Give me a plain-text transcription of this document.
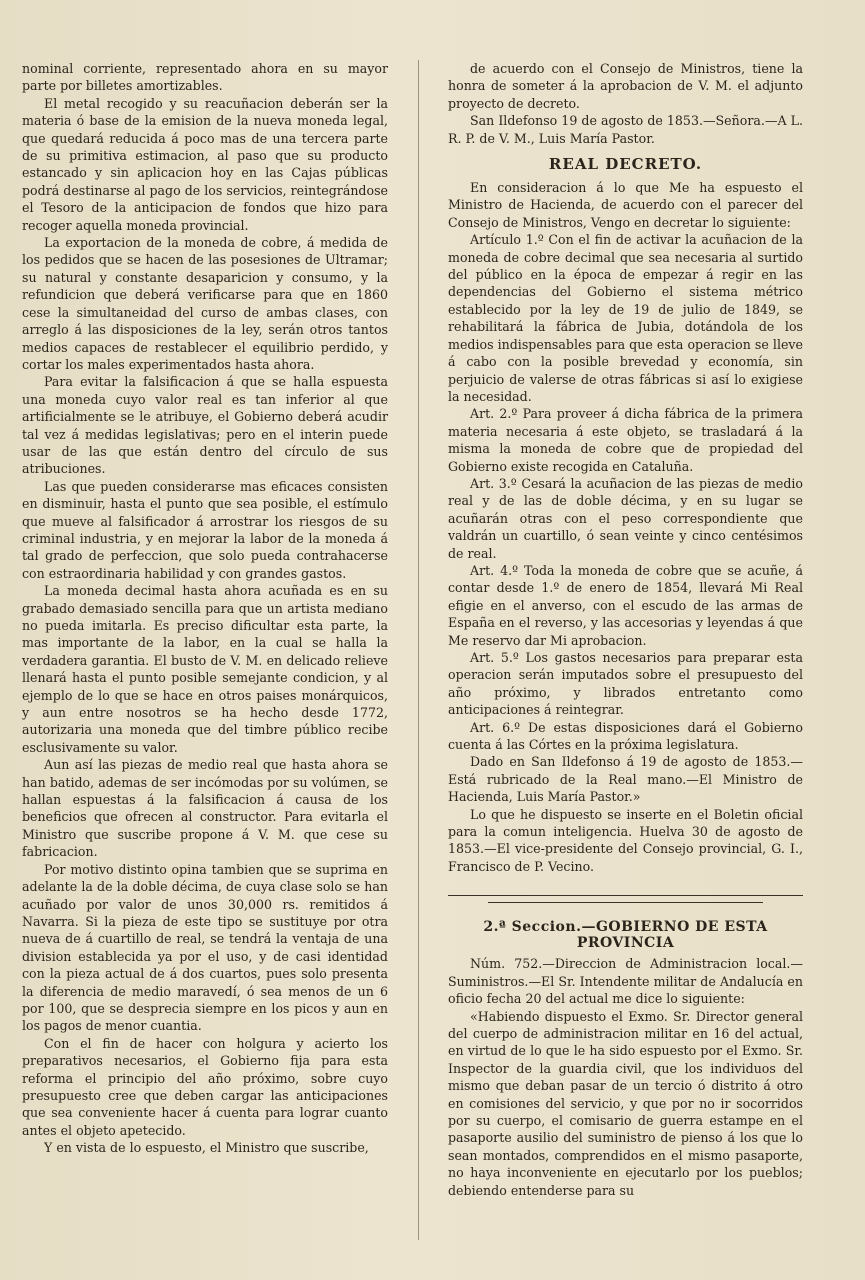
nominal corriente, representado ahora en su mayor parte por billetes amortizables.

El metal recogido y su reacuñacion deberán ser la materia ó base de la emision de la nueva moneda legal, que quedará reducida á poco mas de una tercera parte de su primitiva estimacion, al paso que su producto estancado y sin aplicacion hoy en las Cajas públicas podrá destinarse al pago de los servicios, reintegrándose el Tesoro de la anticipacion de fondos que hizo para recoger aquella moneda provincial.

La exportacion de la moneda de cobre, á medida de los pedidos que se hacen de las posesiones de Ultramar; su natural y constante desaparicion y consumo, y la refundicion que deberá verificarse para que en 1860 cese la simultaneidad del curso de ambas clases, con arreglo á las disposiciones de la ley, serán otros tantos medios capaces de restablecer el equilibrio perdido, y cortar los males experimentados hasta ahora.

Para evitar la falsificacion á que se halla espuesta una moneda cuyo valor real es tan inferior al que artificialmente se le atribuye, el Gobierno deberá acudir tal vez á medidas legislativas; pero en el interin puede usar de las que están dentro del círculo de sus atribuciones.

Las que pueden considerarse mas eficaces consisten en disminuir, hasta el punto que sea posible, el estímulo que mueve al falsificador á arrostrar los riesgos de su criminal industria, y en mejorar la labor de la moneda á tal grado de perfeccion, que solo pueda contrahacerse con estraordinaria habilidad y con grandes gastos.

La moneda decimal hasta ahora acuñada es en su grabado demasiado sencilla para que un artista mediano no pueda imitarla. Es preciso dificultar esta parte, la mas importante de la labor, en la cual se halla la verdadera garantia. El busto de V. M. en delicado relieve llenará hasta el punto posible semejante condicion, y al ejemplo de lo que se hace en otros paises monárquicos, y aun entre nosotros se ha hecho desde 1772, autorizaria una moneda que del timbre público recibe esclusivamente su valor.

Aun así las piezas de medio real que hasta ahora se han batido, ademas de ser incómodas por su volúmen, se hallan espuestas á la falsificacion á causa de los beneficios que ofrecen al constructor. Para evitarla el Ministro que suscribe propone á V. M. que cese su fabricacion.

Por motivo distinto opina tambien que se suprima en adelante la de la doble décima, de cuya clase solo se han acuñado por valor de unos 30,000 rs. remitidos á Navarra. Si la pieza de este tipo se sustituye por otra nueva de á cuartillo de real, se tendrá la ventaja de una division establecida ya por el uso, y de casi identidad con la pieza actual de á dos cuartos, pues solo presenta la diferencia de medio maravedí, ó sea menos de un 6 por 100, que se desprecia siempre en los picos y aun en los pagos de menor cuantia.

Con el fin de hacer con holgura y acierto los preparativos necesarios, el Gobierno fija para esta reforma el principio del año próximo, sobre cuyo presupuesto cree que deben cargar las anticipaciones que sea conveniente hacer á cuenta para lograr cuanto antes el objeto apetecido.

Y en vista de lo espuesto, el Ministro que suscribe,

de acuerdo con el Consejo de Ministros, tiene la honra de someter á la aprobacion de V. M. el adjunto proyecto de decreto.

San Ildefonso 19 de agosto de 1853.—Señora.—A L. R. P. de V. M., Luis María Pastor.

REAL DECRETO.

En consideracion á lo que Me ha espuesto el Ministro de Hacienda, de acuerdo con el parecer del Consejo de Ministros, Vengo en decretar lo siguiente:

Artículo 1.º Con el fin de activar la acuñacion de la moneda de cobre decimal que sea necesaria al surtido del público en la época de empezar á regir en las dependencias del Gobierno el sistema métrico establecido por la ley de 19 de julio de 1849, se rehabilitará la fábrica de Jubia, dotándola de los medios indispensables para que esta operacion se lleve á cabo con la posible brevedad y economía, sin perjuicio de valerse de otras fábricas si así lo exigiese la necesidad.

Art. 2.º Para proveer á dicha fábrica de la primera materia necesaria á este objeto, se trasladará á la misma la moneda de cobre que de propiedad del Gobierno existe recogida en Cataluña.

Art. 3.º Cesará la acuñacion de las piezas de medio real y de las de doble décima, y en su lugar se acuñarán otras con el peso correspondiente que valdrán un cuartillo, ó sean veinte y cinco centésimos de real.

Art. 4.º Toda la moneda de cobre que se acuñe, á contar desde 1.º de enero de 1854, llevará Mi Real efigie en el anverso, con el escudo de las armas de España en el reverso, y las accesorias y leyendas á que Me reservo dar Mi aprobacion.

Art. 5.º Los gastos necesarios para preparar esta operacion serán imputados sobre el presupuesto del año próximo, y librados entretanto como anticipaciones á reintegrar.

Art. 6.º De estas disposiciones dará el Gobierno cuenta á las Córtes en la próxima legislatura.

Dado en San Ildefonso á 19 de agosto de 1853.—Está rubricado de la Real mano.—El Ministro de Hacienda, Luis María Pastor.»

Lo que he dispuesto se inserte en el Boletin oficial para la comun inteligencia. Huelva 30 de agosto de 1853.—El vice-presidente del Consejo provincial, G. I., Francisco de P. Vecino.

2.ª Seccion.—GOBIERNO DE ESTA PROVINCIA

Núm. 752.—Direccion de Administracion local.—Suministros.—El Sr. Intendente militar de Andalucía en oficio fecha 20 del actual me dice lo siguiente:

«Habiendo dispuesto el Exmo. Sr. Director general del cuerpo de administracion militar en 16 del actual, en virtud de lo que le ha sido espuesto por el Exmo. Sr. Inspector de la guardia civil, que los individuos del mismo que deban pasar de un tercio ó distrito á otro en comisiones del servicio, y que por no ir socorridos por su cuerpo, el comisario de guerra estampe en el pasaporte ausilio del suministro de pienso á los que lo sean montados, comprendidos en el mismo pasaporte, no haya inconveniente en ejecutarlo por los pueblos; debiendo entenderse para su
